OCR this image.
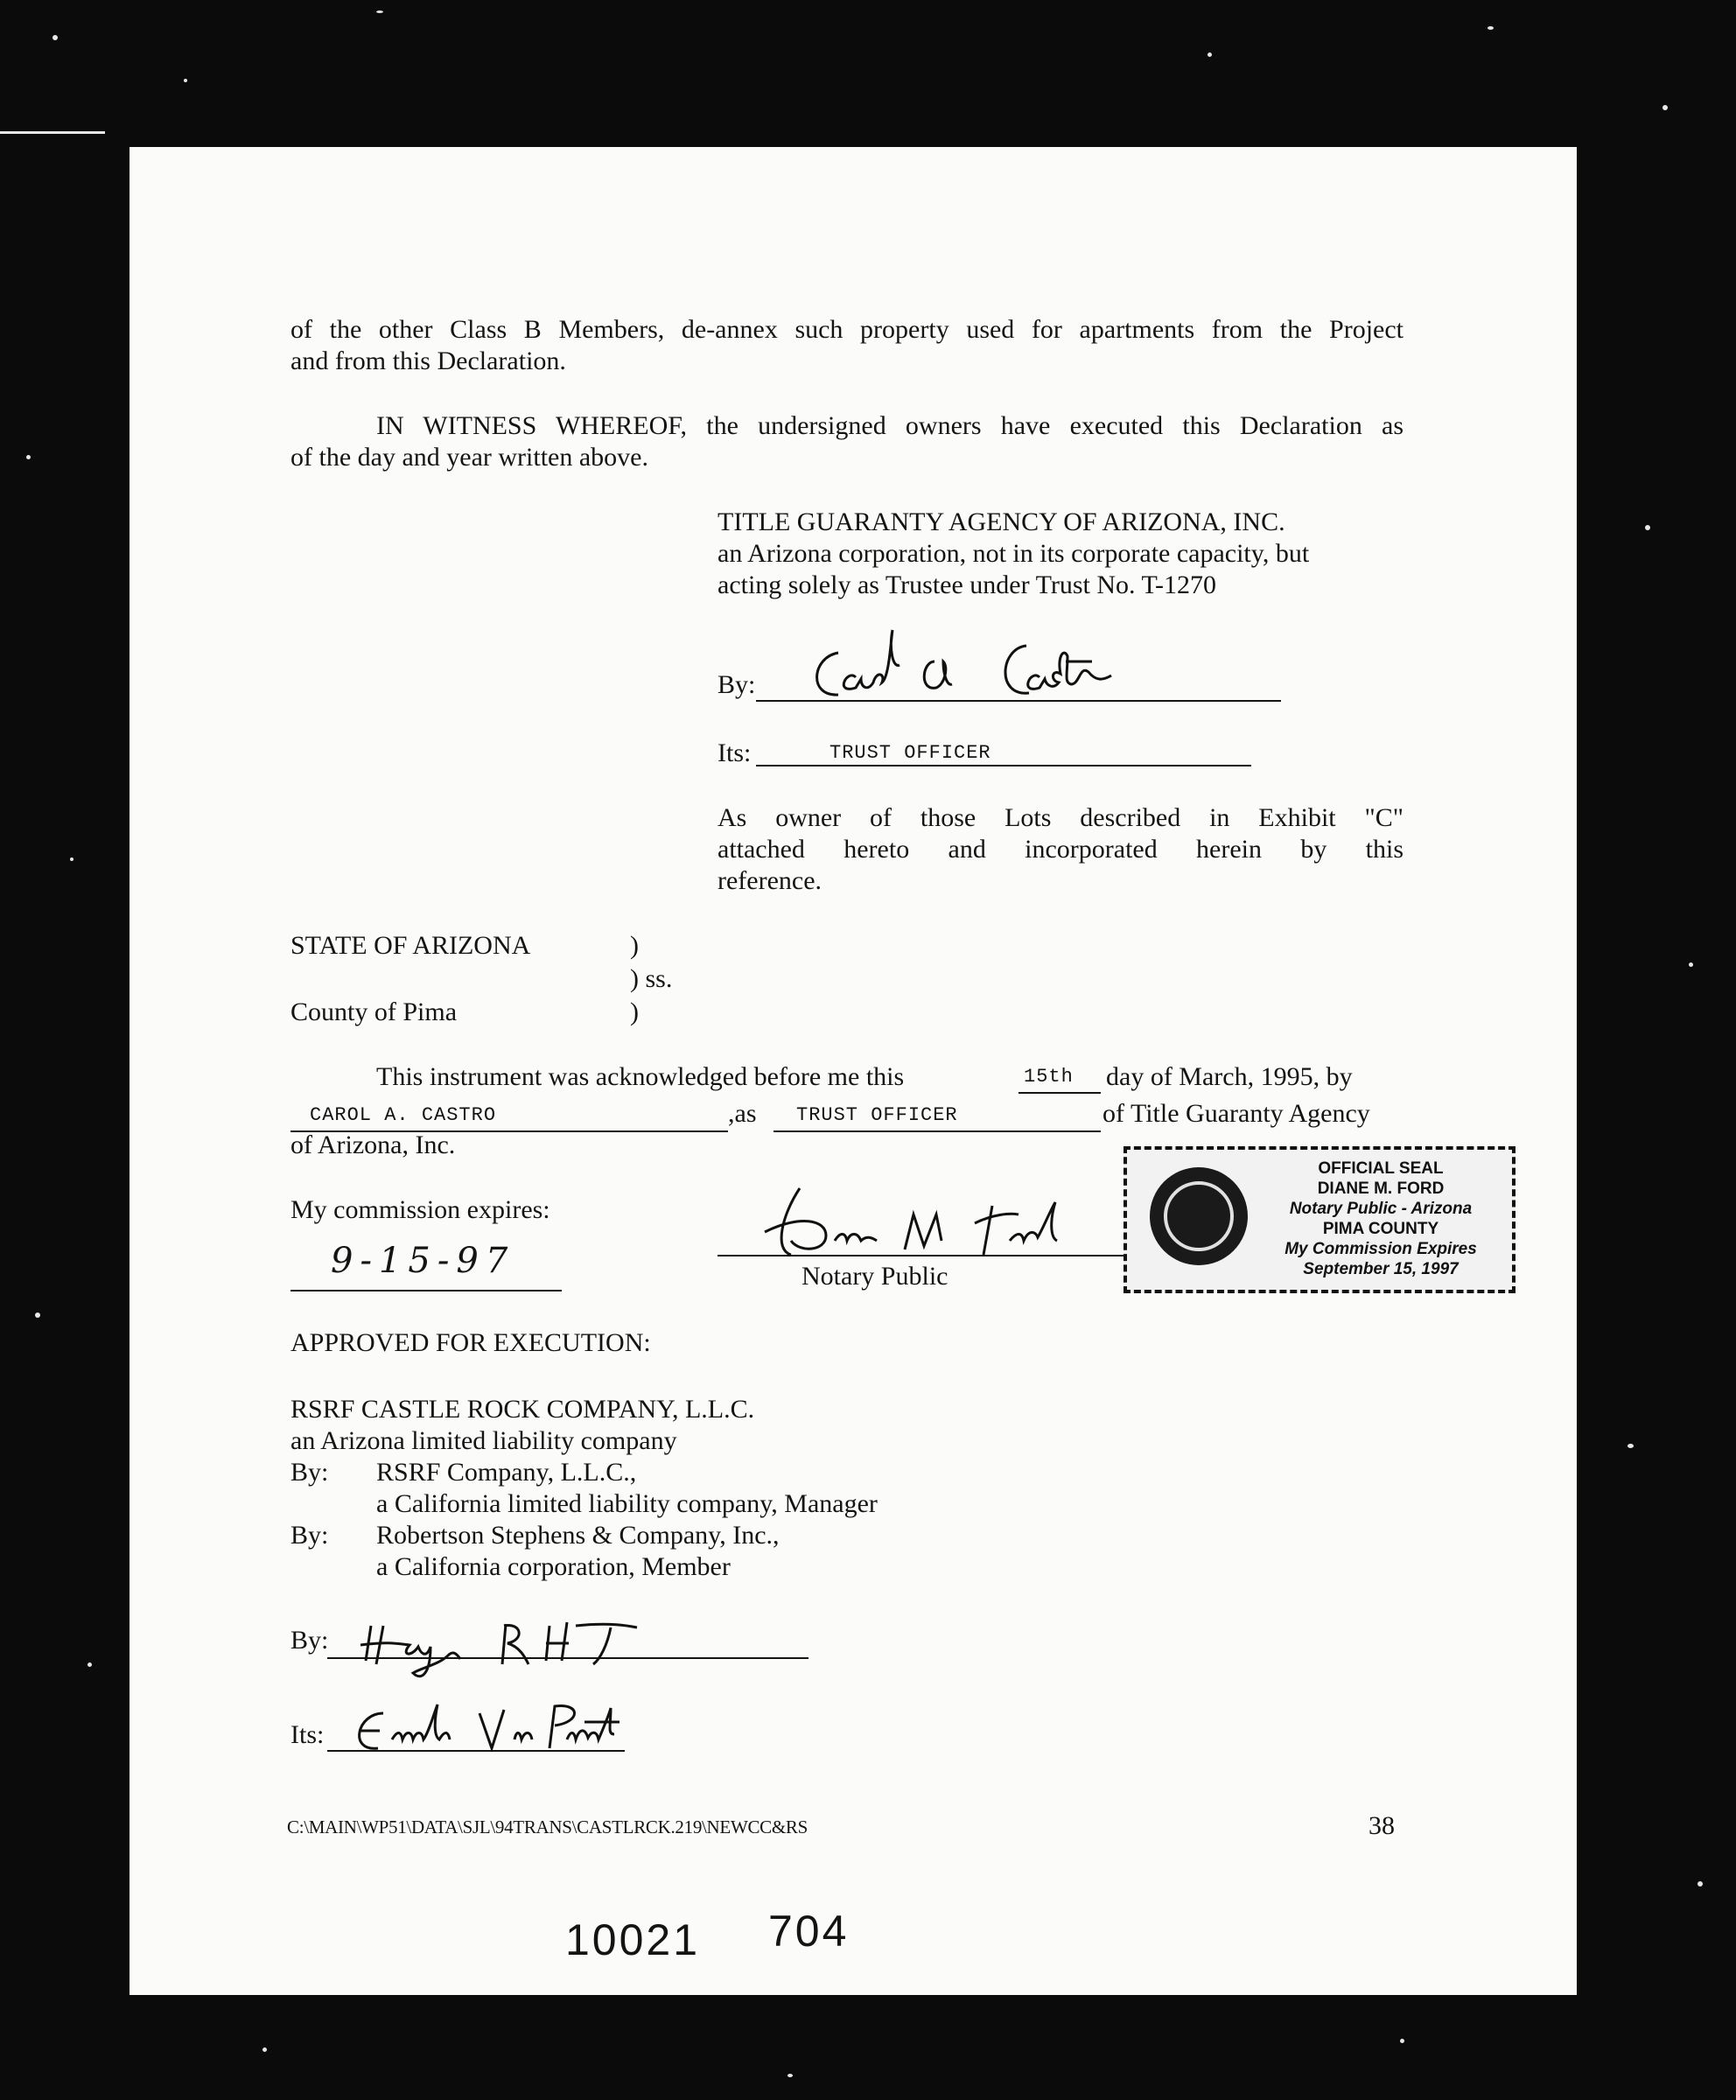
of the other Class B Members, de-annex such property used for apartments from the Project
and from this Declaration.
IN WITNESS WHEREOF, the undersigned owners have executed this Declaration as
of the day and year written above.
TITLE GUARANTY AGENCY OF ARIZONA, INC.
an Arizona corporation, not in its corporate capacity, but
acting solely as Trustee under Trust No. T-1270
By:
Its:	TRUST OFFICER
As owner of those Lots described in Exhibit "C"
attached hereto and incorporated herein by this
reference.
STATE OF ARIZONA	)
) ss.
County of Pima	)
This instrument was acknowledged before me this	15th day of March, 1995, by
CAROL A. CASTRO	,as TRUST OFFICER	of Title Guaranty Agency
of Arizona, Inc.
My commission expires:
9-15-97	Notary Public
OFFICIAL SEAL
DIANE M. FORD
Notary Public - Arizona
PIMA COUNTY
My Commission Expires
September 15, 1997
APPROVED FOR EXECUTION:
RSRF CASTLE ROCK COMPANY, L.L.C.
an Arizona limited liability company
By: RSRF Company, L.L.C.,
a California limited liability company, Manager
By: Robertson Stephens & Company, Inc.,
a California corporation, Member
By:
Its:
C:\MAIN\WP51\DATA\SJL\94TRANS\CASTLRCK.219\NEWCC&RS	38
10021 704
